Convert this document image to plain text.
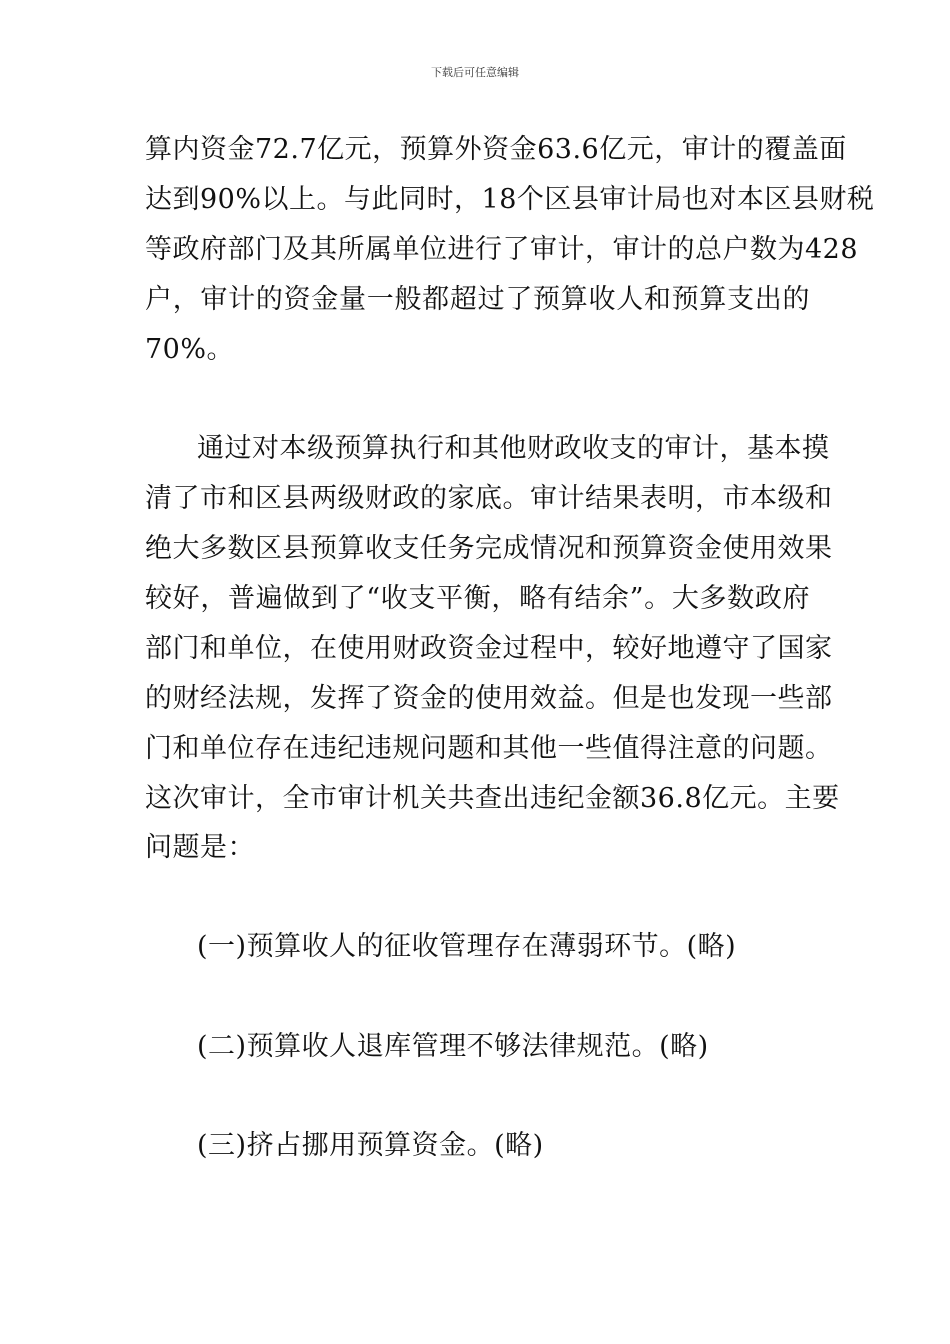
下载后可任意编辑
算内资金72.7亿元，预算外资金63.6亿元，审计的覆盖面
达到90%以上。与此同时，18个区县审计局也对本区县财税
等政府部门及其所属单位进行了审计，审计的总户数为428
户，审计的资金量一般都超过了预算收人和预算支出的
70%。
通过对本级预算执行和其他财政收支的审计，基本摸
清了市和区县两级财政的家底。审计结果表明，市本级和
绝大多数区县预算收支任务完成情况和预算资金使用效果
较好，普遍做到了“收支平衡，略有结余”。大多数政府
部门和单位，在使用财政资金过程中，较好地遵守了国家
的财经法规，发挥了资金的使用效益。但是也发现一些部
门和单位存在违纪违规问题和其他一些值得注意的问题。
这次审计，全市审计机关共查出违纪金额36.8亿元。主要
问题是：
(一)预算收人的征收管理存在薄弱环节。(略)
(二)预算收人退库管理不够法律规范。(略)
(三)挤占挪用预算资金。(略)
